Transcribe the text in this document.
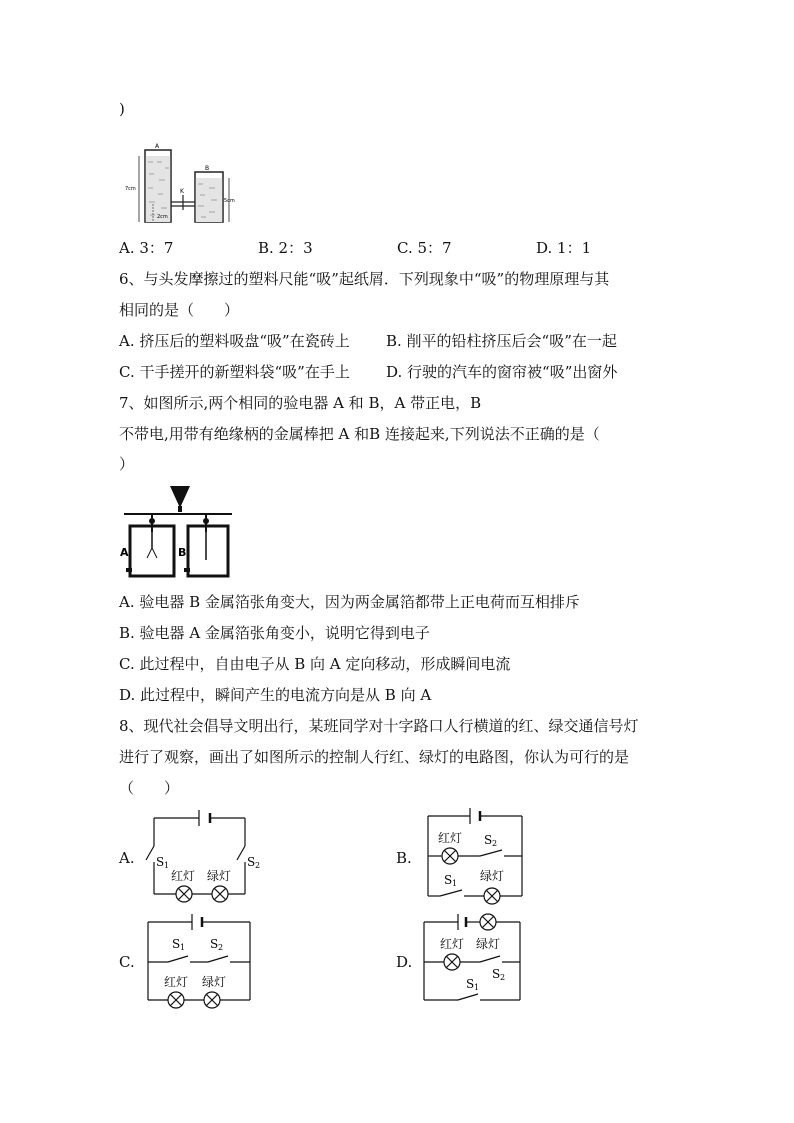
)
A
B
K
7cm
5cm
2cm
A. 3：7	B. 2：3	C. 5：7	D. 1：1
6、与头发摩擦过的塑料尺能“吸”起纸屑．下列现象中“吸”的物理原理与其
相同的是（　　）
A. 挤压后的塑料吸盘“吸”在瓷砖上 B. 削平的铅柱挤压后会“吸”在一起
C. 干手搓开的新塑料袋“吸”在手上 D. 行驶的汽车的窗帘被“吸”出窗外
7、如图所示,两个相同的验电器 A 和 B，A 带正电，B
不带电,用带有绝缘柄的金属棒把 A 和B 连接起来,下列说法不正确的是（
）
A	B
A. 验电器 B 金属箔张角变大，因为两金属箔都带上正电荷而互相排斥
B. 验电器 A 金属箔张角变小，说明它得到电子
C. 此过程中，自由电子从 B 向 A 定向移动，形成瞬间电流
D. 此过程中，瞬间产生的电流方向是从 B 向 A
8、现代社会倡导文明出行，某班同学对十字路口人行横道的红、绿交通信号灯
进行了观察，画出了如图所示的控制人行红、绿灯的电路图，你认为可行的是
（　　）
A.	B.
C.	D.
S 1	S 2
红灯 绿灯
红灯 S 2
S 1
绿灯
S 1 S 2
红灯 绿灯
红灯 绿灯
S 2
S 1
